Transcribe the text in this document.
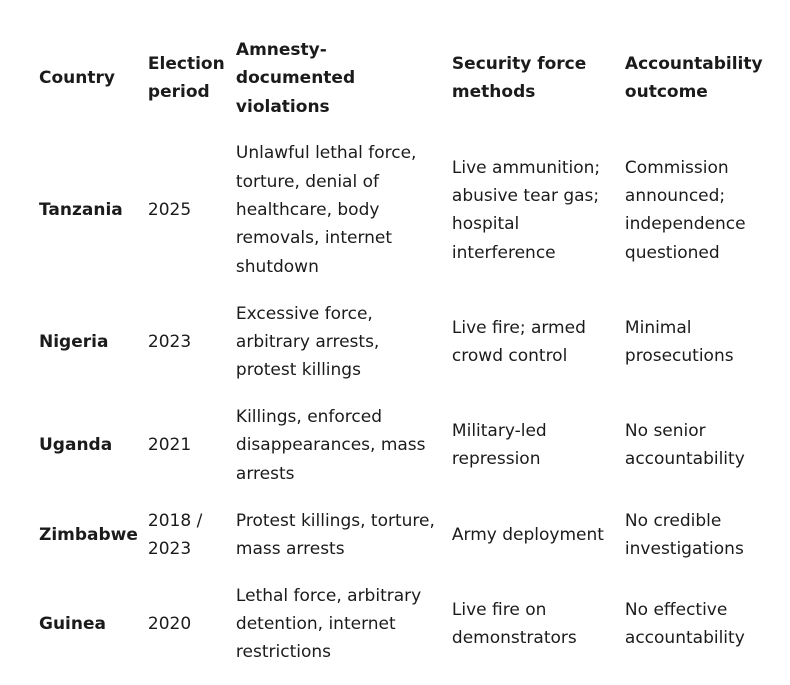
Country	Election period	Amnesty-documented violations	Security force methods	Accountability outcome
Tanzania	2025	Unlawful lethal force, torture, denial of healthcare, body removals, internet shutdown	Live ammunition; abusive tear gas; hospital interference	Commission announced; independence questioned
Nigeria	2023	Excessive force, arbitrary arrests, protest killings	Live fire; armed crowd control	Minimal prosecutions
Uganda	2021	Killings, enforced disappearances, mass arrests	Military-led repression	No senior accountability
Zimbabwe	2018 / 2023	Protest killings, torture, mass arrests	Army deployment	No credible investigations
Guinea	2020	Lethal force, arbitrary detention, internet restrictions	Live fire on demonstrators	No effective accountability
